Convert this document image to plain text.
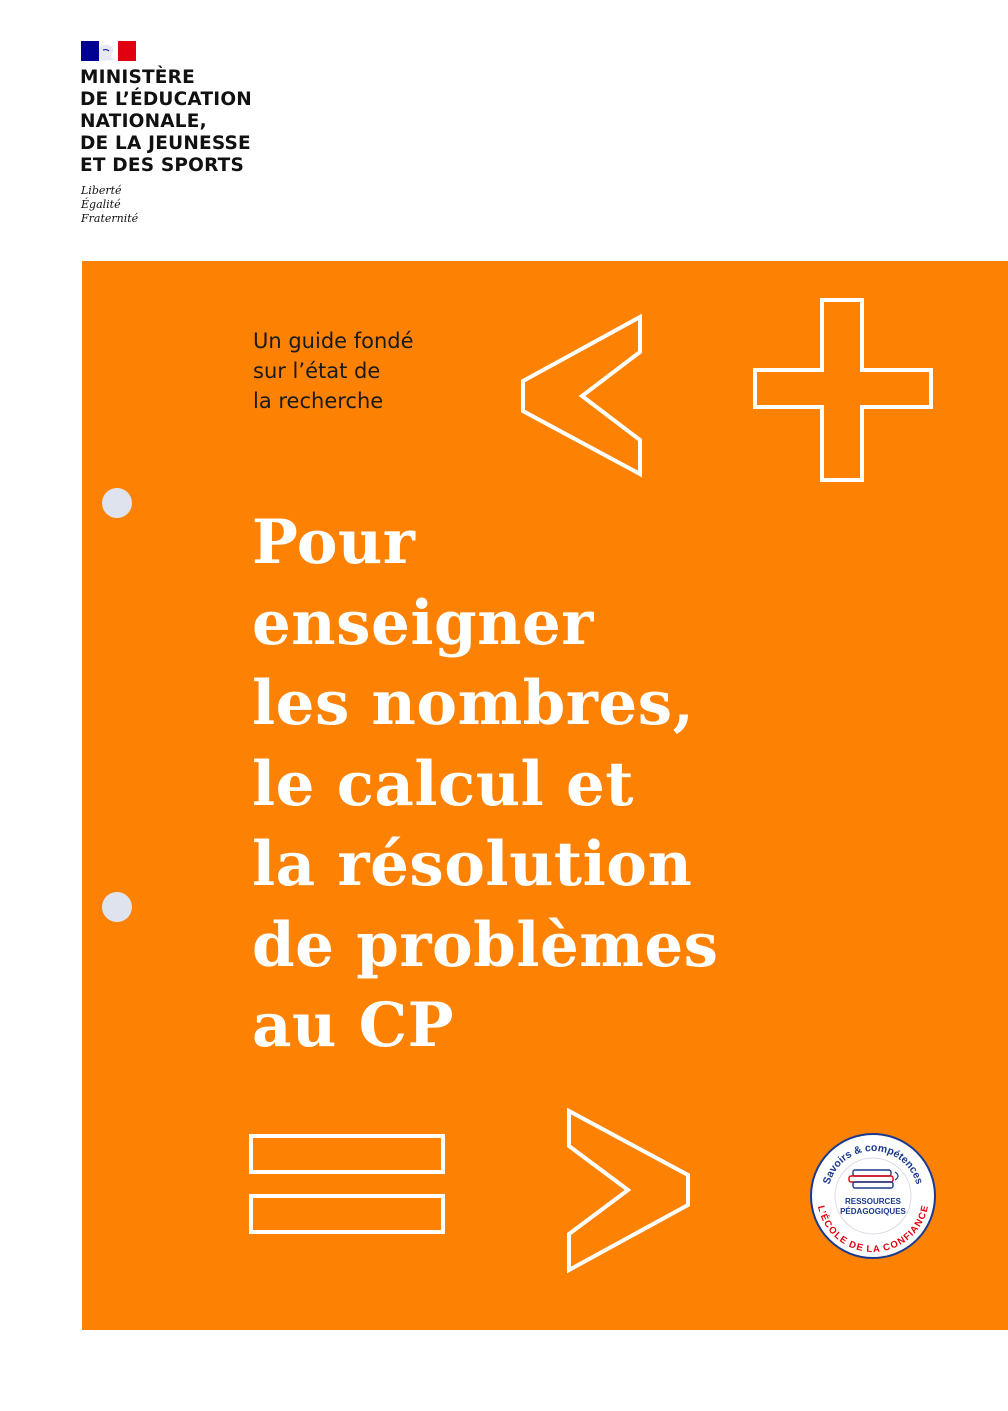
MINISTÈRE
DE L’ÉDUCATION
NATIONALE,
DE LA JEUNESSE
ET DES SPORTS
Liberté
Égalité
Fraternité
Un guide fondé
sur l’état de
la recherche
Pour
enseigner
les nombres,
le calcul et
la résolution
de problèmes
au CP
Savoirs & compétences
L’ÉCOLE DE LA CONFIANCE
RESSOURCES
PÉDAGOGIQUES
